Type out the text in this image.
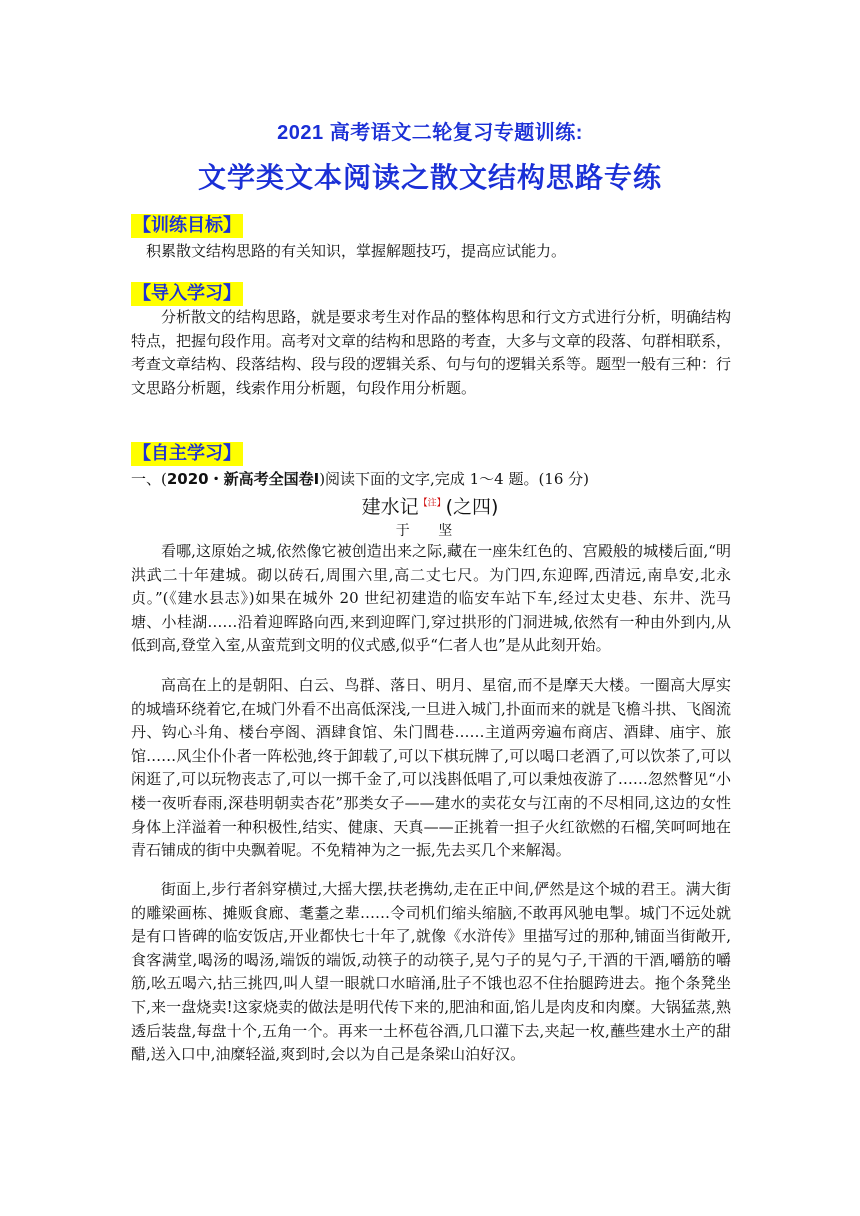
2021 高考语文二轮复习专题训练:
文学类文本阅读之散文结构思路专练
【训练目标】
积累散文结构思路的有关知识，掌握解题技巧，提高应试能力。
【导入学习】
分析散文的结构思路，就是要求考生对作品的整体构思和行文方式进行分析，明确结构特点，把握句段作用。高考对文章的结构和思路的考查，大多与文章的段落、句群相联系，考查文章结构、段落结构、段与段的逻辑关系、句与句的逻辑关系等。题型一般有三种：行文思路分析题，线索作用分析题，句段作用分析题。
【自主学习】
一、(2020・新高考全国卷Ⅰ)阅读下面的文字,完成 1～4 题。(16 分)
建水记$^{【注】}$(之四)
于 坚
看哪,这原始之城,依然像它被创造出来之际,藏在一座朱红色的、宫殿般的城楼后面,“明洪武二十年建城。砌以砖石,周围六里,高二丈七尺。为门四,东迎晖,西清远,南阜安,北永贞。”(《建水县志》)如果在城外 20 世纪初建造的临安车站下车,经过太史巷、东井、洗马塘、小桂湖……沿着迎晖路向西,来到迎晖门,穿过拱形的门洞进城,依然有一种由外到内,从低到高,登堂入室,从蛮荒到文明的仪式感,似乎“仁者人也”是从此刻开始。
高高在上的是朝阳、白云、鸟群、落日、明月、星宿,而不是摩天大楼。一圈高大厚实的城墙环绕着它,在城门外看不出高低深浅,一旦进入城门,扑面而来的就是飞檐斗拱、飞阁流丹、钩心斗角、楼台亭阁、酒肆食馆、朱门閭巷……主道两旁遍布商店、酒肆、庙宇、旅馆……风尘仆仆者一阵松弛,终于卸载了,可以下棋玩牌了,可以喝口老酒了,可以饮茶了,可以闲逛了,可以玩物丧志了,可以一掷千金了,可以浅斟低唱了,可以秉烛夜游了……忽然瞥见“小楼一夜听春雨,深巷明朝卖杏花”那类女子——建水的卖花女与江南的不尽相同,这边的女性身体上洋溢着一种积极性,结实、健康、天真——正挑着一担子火红欲燃的石榴,笑呵呵地在青石铺成的街中央飘着呢。不免精神为之一振,先去买几个来解渴。
街面上,步行者斜穿横过,大摇大摆,扶老携幼,走在正中间,俨然是这个城的君王。满大街的雕梁画栋、摊贩食廊、耄耋之辈……令司机们缩头缩脑,不敢再风驰电掣。城门不远处就是有口皆碑的临安饭店,开业都快七十年了,就像《水浒传》里描写过的那种,铺面当街敞开,食客满堂,喝汤的喝汤,端饭的端饭,动筷子的动筷子,晃勺子的晃勺子,干酒的干酒,嚼筋的嚼筋,吆五喝六,拈三挑四,叫人望一眼就口水暗涌,肚子不饿也忍不住抬腿跨进去。拖个条凳坐下,来一盘烧卖!这家烧卖的做法是明代传下来的,肥油和面,馅儿是肉皮和肉糜。大锅猛蒸,熟透后装盘,每盘十个,五角一个。再来一土杯苞谷酒,几口灌下去,夹起一枚,蘸些建水土产的甜醋,送入口中,油糜轻溢,爽到时,会以为自己是条梁山泊好汉。
